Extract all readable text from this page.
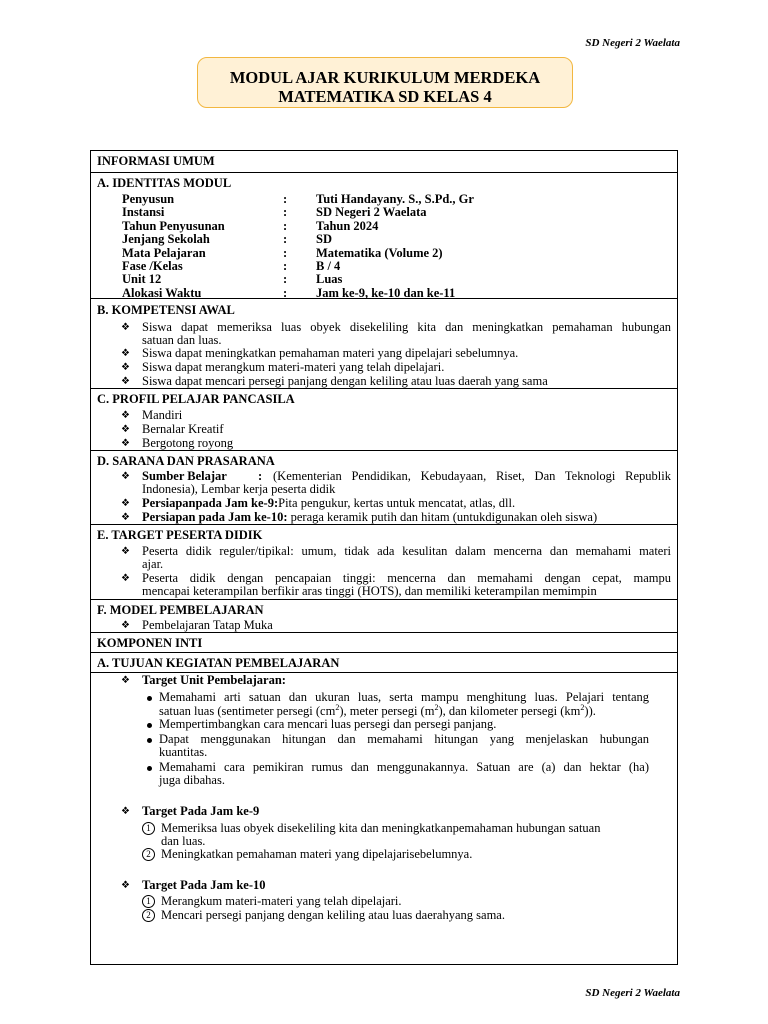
SD Negeri 2 Waelata
MODUL AJAR KURIKULUM MERDEKA
MATEMATIKA SD KELAS 4
INFORMASI UMUM
A. IDENTITAS MODUL
Penyusun	: Tuti Handayany. S., S.Pd., Gr
Instansi	: SD Negeri 2 Waelata
Tahun Penyusunan	: Tahun 2024
Jenjang Sekolah	: SD
Mata Pelajaran	: Matematika (Volume 2)
Fase /Kelas	: B / 4
Unit 12	: Luas
Alokasi Waktu	: Jam ke-9, ke-10 dan ke-11
B. KOMPETENSI AWAL
❖ Siswa dapat memeriksa luas obyek disekeliling kita dan meningkatkan pemahaman hubungan
satuan dan luas.
❖ Siswa dapat meningkatkan pemahaman materi yang dipelajari sebelumnya.
❖ Siswa dapat merangkum materi-materi yang telah dipelajari.
❖ Siswa dapat mencari persegi panjang dengan keliling atau luas daerah yang sama
C. PROFIL PELAJAR PANCASILA
❖ Mandiri
❖ Bernalar Kreatif
❖ Bergotong royong
D. SARANA DAN PRASARANA
❖ Sumber Belajar : (Kementerian Pendidikan, Kebudayaan, Riset, Dan Teknologi Republik
Indonesia), Lembar kerja peserta didik
❖ Persiapanpada Jam ke-9:Pita pengukur, kertas untuk mencatat, atlas, dll.
❖ Persiapan pada Jam ke-10: peraga keramik putih dan hitam (untukdigunakan oleh siswa)
E. TARGET PESERTA DIDIK
❖ Peserta didik reguler/tipikal: umum, tidak ada kesulitan dalam mencerna dan memahami materi
ajar.
❖ Peserta didik dengan pencapaian tinggi: mencerna dan memahami dengan cepat, mampu
mencapai keterampilan berfikir aras tinggi (HOTS), dan memiliki keterampilan memimpin
F. MODEL PEMBELAJARAN
❖ Pembelajaran Tatap Muka
KOMPONEN INTI
A. TUJUAN KEGIATAN PEMBELAJARAN
❖ Target Unit Pembelajaran:
Memahami arti satuan dan ukuran luas, serta mampu menghitung luas. Pelajari tentang
satuan luas (sentimeter persegi $(cm^2)$, meter persegi $(m^2)$, dan kilometer persegi $(km^2)$).
Mempertimbangkan cara mencari luas persegi dan persegi panjang.
Dapat menggunakan hitungan dan memahami hitungan yang menjelaskan hubungan
kuantitas.
Memahami cara pemikiran rumus dan menggunakannya. Satuan are (a) dan hektar (ha)
juga dibahas.
❖ Target Pada Jam ke-9
1 Memeriksa luas obyek disekeliling kita dan meningkatkanpemahaman hubungan satuan
dan luas.
2 Meningkatkan pemahaman materi yang dipelajarisebelumnya.
❖ Target Pada Jam ke-10
1 Merangkum materi-materi yang telah dipelajari.
2 Mencari persegi panjang dengan keliling atau luas daerahyang sama.
SD Negeri 2 Waelata
